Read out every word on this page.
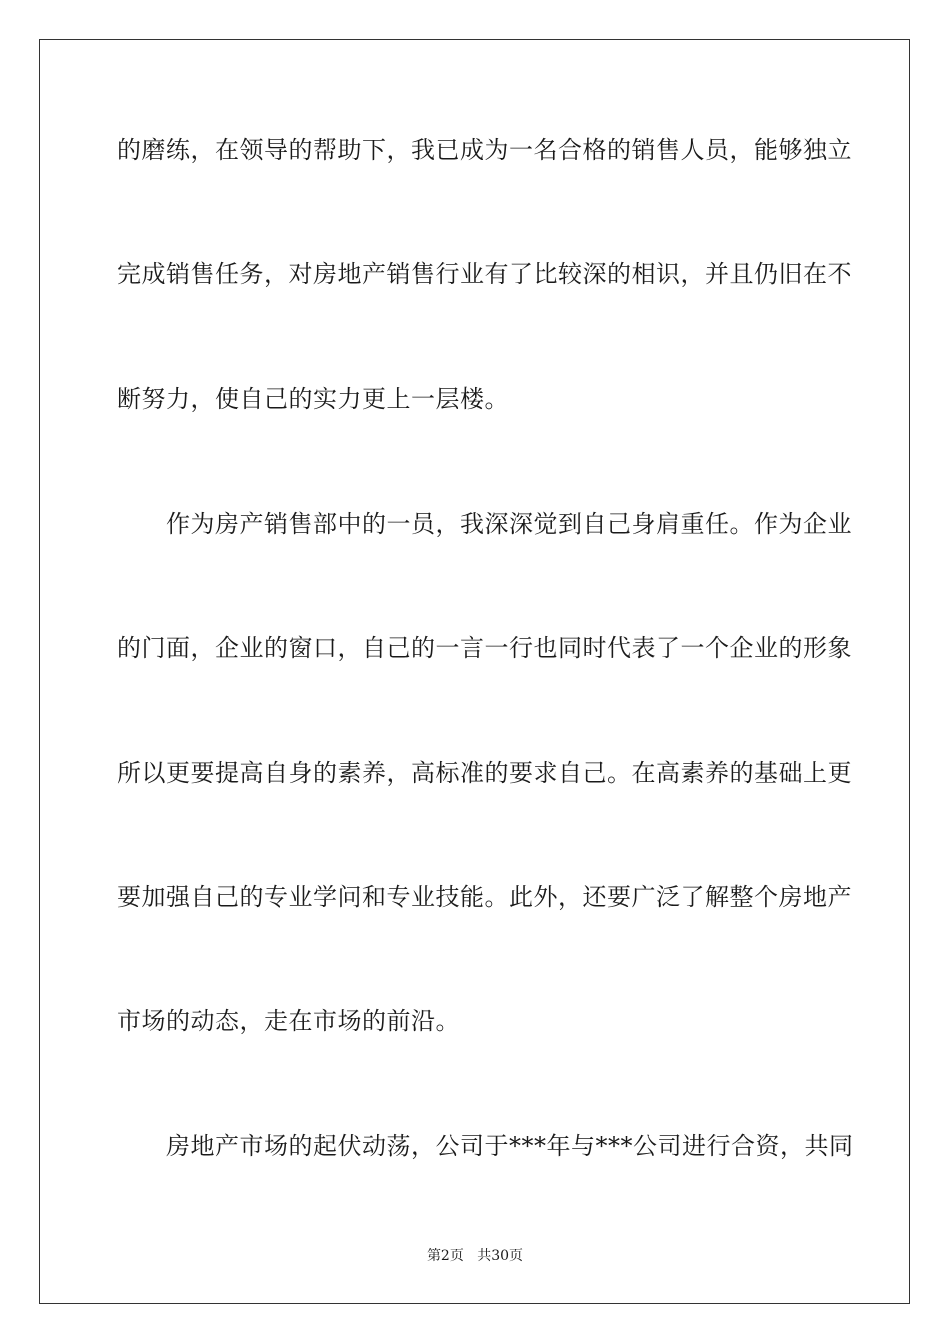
的磨练，在领导的帮助下，我已成为一名合格的销售人员，能够独立
完成销售任务，对房地产销售行业有了比较深的相识，并且仍旧在不
断努力，使自己的实力更上一层楼。
　　作为房产销售部中的一员，我深深觉到自己身肩重任。作为企业
的门面，企业的窗口，自己的一言一行也同时代表了一个企业的形象
所以更要提高自身的素养，高标准的要求自己。在高素养的基础上更
要加强自己的专业学问和专业技能。此外，还要广泛了解整个房地产
市场的动态，走在市场的前沿。
　　房地产市场的起伏动荡，公司于***年与***公司进行合资，共同
第2页 共30页
